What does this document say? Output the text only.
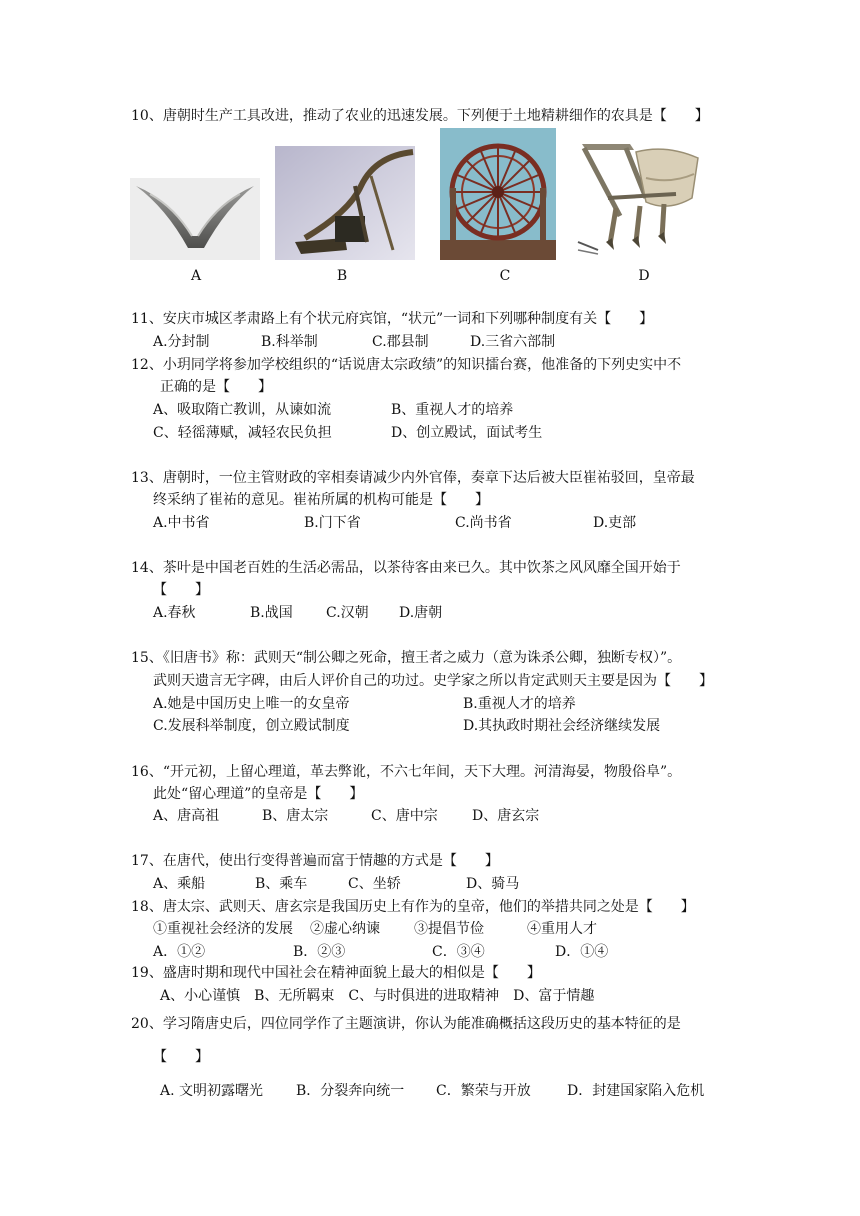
10、唐朝时生产工具改进，推动了农业的迅速发展。下列便于土地精耕细作的农具是【　　】
A	B	C	D
11、安庆市城区孝肃路上有个状元府宾馆，“状元”一词和下列哪种制度有关【　　】
A.分封制	B.科举制	C.郡县制	D.三省六部制
12、小玥同学将参加学校组织的“话说唐太宗政绩”的知识擂台赛，他准备的下列史实中不
正确的是【　　】
A、吸取隋亡教训，从谏如流	B、重视人才的培养
C、轻徭薄赋，减轻农民负担	D、创立殿试，面试考生
13、唐朝时，一位主管财政的宰相奏请减少内外官俸，奏章下达后被大臣崔祐驳回，皇帝最
终采纳了崔祐的意见。崔祐所属的机构可能是【　　】
A.中书省	B.门下省	C.尚书省	D.吏部
14、茶叶是中国老百姓的生活必需品，以茶待客由来已久。其中饮茶之风风靡全国开始于
【　　】
A.春秋	B.战国 C.汉朝 D.唐朝
15、《旧唐书》称：武则天“制公卿之死命，擅王者之威力（意为诛杀公卿，独断专权）”。
武则天遗言无字碑，由后人评价自己的功过。史学家之所以肯定武则天主要是因为【　　】
A.她是中国历史上唯一的女皇帝	B.重视人才的培养
C.发展科举制度，创立殿试制度	D.其执政时期社会经济继续发展
16、“开元初，上留心理道，革去弊讹，不六七年间，天下大理。河清海晏，物殷俗阜”。
此处“留心理道”的皇帝是【　　】
A、唐高祖	B、唐太宗	C、唐中宗 D、唐玄宗
17、在唐代，使出行变得普遍而富于情趣的方式是【　　】
A、乘船	B、乘车	C、坐轿	D、骑马
18、唐太宗、武则天、唐玄宗是我国历史上有作为的皇帝，他们的举措共同之处是【　　】
①重视社会经济的发展 ②虚心纳谏 ③提倡节俭	④重用人才
A．①②	B．②③	C．③④	D．①④
19、盛唐时期和现代中国社会在精神面貌上最大的相似是【　　】
A、小心谨慎　B、无所羁束　C、与时俱进的进取精神　D、富于情趣
20、学习隋唐史后，四位同学作了主题演讲，你认为能准确概括这段历史的基本特征的是
【　　】
A. 文明初露曙光 B．分裂奔向统一 C．繁荣与开放	D．封建国家陷入危机
